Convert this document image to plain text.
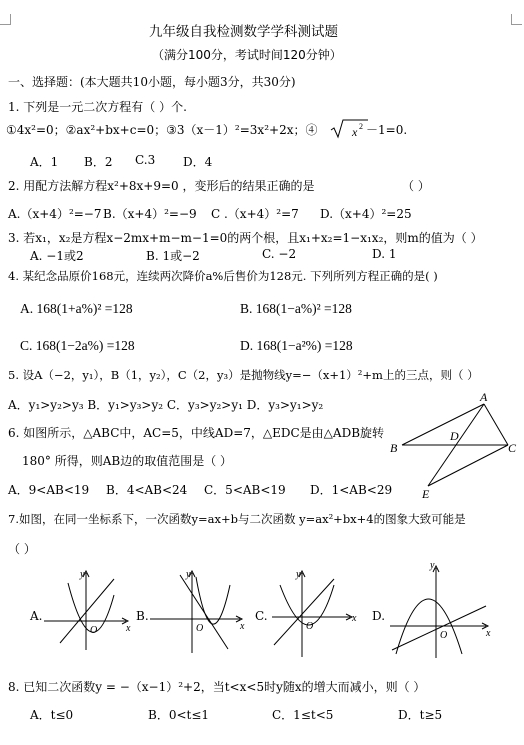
九年级自我检测数学学科测试题
（满分100分，考试时间120分钟）
一、选择题：(本大题共10小题，每小题3分，共30分)
1. 下列是一元二次方程有（ ）个.
①4x²=0；②ax²+bx+c=0；③3（x－1）²=3x²+2x；④	x 2 －1=0.
A．1 B．2 C.3 D．4
2. 用配方法解方程x²+8x+9=0 ，变形后的结果正确的是	（ ）
A.（x+4）²=−7 B.（x+4）²=−9 C .（x+4）²=7 D.（x+4）²=25
3. 若x₁，x₂是方程x−2mx+m−m−1=0的两个根，且x₁+x₂=1−x₁x₂，则m的值为（ ）
A. −1或2	B. 1或−2	C. −2	D. 1
4. 某纪念品原价168元，连续两次降价a%后售价为128元. 下列所列方程正确的是( )
A. 168(1+a%)² =128	B. 168(1−a%)² =128
C. 168(1−2a%) =128	D. 168(1−a²%) =128
5. 设A（−2，y₁），B（1，y₂），C（2，y₃）是抛物线y=−（x+1）²+m上的三点，则（ ）
A．y₁>y₂>y₃ B．y₁>y₃>y₂ C．y₃>y₂>y₁ D．y₃>y₁>y₂
6. 如图所示，△ABC中，AC=5，中线AD=7，△EDC是由△ADB旋转
180° 所得，则AB边的取值范围是（ ）
A．9<AB<19 B．4<AB<24 C．5<AB<19 D．1<AB<29
A
B	C
D
E
7.如图，在同一坐标系下，一次函数y=ax+b与二次函数 y=ax²+bx+4的图象大致可能是
（ ）
A.
y
x
O
B.
y
x
O
C.
y
x
O
D.
y
x
O
8. 已知二次函数y = −（x−1）²+2，当t<x<5时y随x的增大而减小，则（ ）
A．t≤0	B．0<t≤1	C．1≤t<5	D．t≥5
